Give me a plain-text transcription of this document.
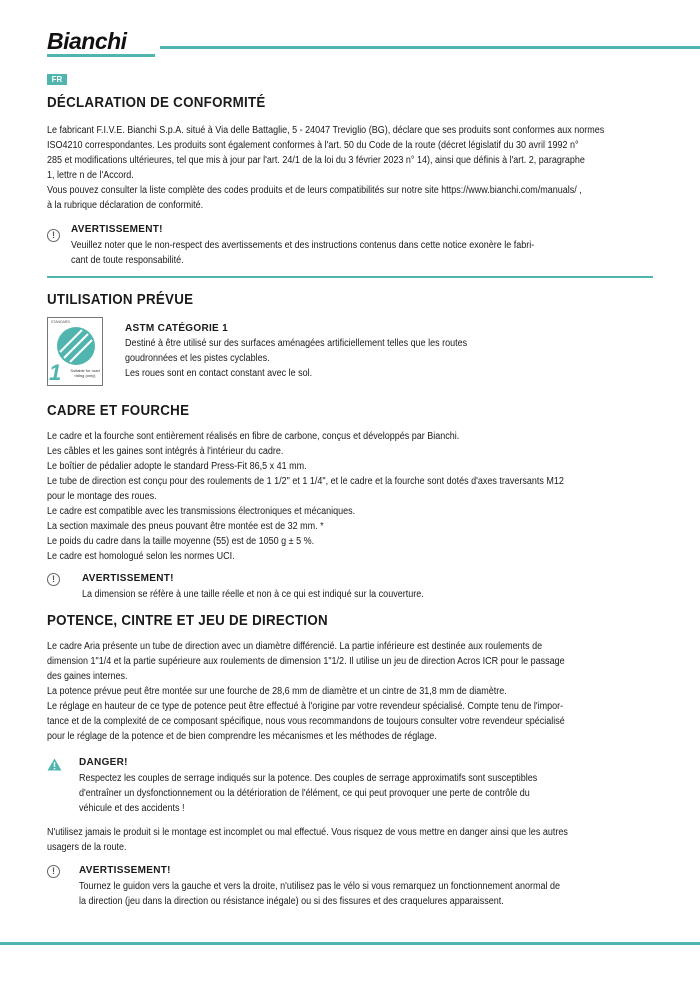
Bianchi
FR
DÉCLARATION DE CONFORMITÉ
Le fabricant F.I.V.E. Bianchi S.p.A. situé à Via delle Battaglie, 5 - 24047 Treviglio (BG), déclare que ses produits sont conformes aux normes
ISO4210 correspondantes. Les produits sont également conformes à l'art. 50 du Code de la route (décret législatif du 30 avril 1992 n°
285 et modifications ultérieures, tel que mis à jour par l'art. 24/1 de la loi du 3 février 2023 n° 14), ainsi que définis à l'art. 2, paragraphe
1, lettre n de l'Accord.
Vous pouvez consulter la liste complète des codes produits et de leurs compatibilités sur notre site https://www.bianchi.com/manuals/ ,
à la rubrique déclaration de conformité.
!	AVERTISSEMENT!
Veuillez noter que le non-respect des avertissements et des instructions contenus dans cette notice exonère le fabri-
cant de toute responsabilité.
UTILISATION PRÉVUE
STANDARD
1 Suitable for road riding (only)
ASTM CATÉGORIE 1
Destiné à être utilisé sur des surfaces aménagées artificiellement telles que les routes
goudronnées et les pistes cyclables.
Les roues sont en contact constant avec le sol.
CADRE ET FOURCHE
Le cadre et la fourche sont entièrement réalisés en fibre de carbone, conçus et développés par Bianchi.
Les câbles et les gaines sont intégrés à l'intérieur du cadre.
Le boîtier de pédalier adopte le standard Press-Fit 86,5 x 41 mm.
Le tube de direction est conçu pour des roulements de 1 1/2" et 1 1/4", et le cadre et la fourche sont dotés d'axes traversants M12
pour le montage des roues.
Le cadre est compatible avec les transmissions électroniques et mécaniques.
La section maximale des pneus pouvant être montée est de 32 mm. *
Le poids du cadre dans la taille moyenne (55) est de 1050 g ± 5 %.
Le cadre est homologué selon les normes UCI.
!	AVERTISSEMENT!
La dimension se réfère à une taille réelle et non à ce qui est indiqué sur la couverture.
POTENCE, CINTRE ET JEU DE DIRECTION
Le cadre Aria présente un tube de direction avec un diamètre différencié. La partie inférieure est destinée aux roulements de
dimension 1"1/4 et la partie supérieure aux roulements de dimension 1"1/2. Il utilise un jeu de direction Acros ICR pour le passage
des gaines internes.
La potence prévue peut être montée sur une fourche de 28,6 mm de diamètre et un cintre de 31,8 mm de diamètre.
Le réglage en hauteur de ce type de potence peut être effectué à l'origine par votre revendeur spécialisé. Compte tenu de l'impor-
tance et de la complexité de ce composant spécifique, nous vous recommandons de toujours consulter votre revendeur spécialisé
pour le réglage de la potence et de bien comprendre les mécanismes et les méthodes de réglage.
DANGER!
Respectez les couples de serrage indiqués sur la potence. Des couples de serrage approximatifs sont susceptibles
d'entraîner un dysfonctionnement ou la détérioration de l'élément, ce qui peut provoquer une perte de contrôle du
véhicule et des accidents !
N'utilisez jamais le produit si le montage est incomplet ou mal effectué. Vous risquez de vous mettre en danger ainsi que les autres
usagers de la route.
!	AVERTISSEMENT!
Tournez le guidon vers la gauche et vers la droite, n'utilisez pas le vélo si vous remarquez un fonctionnement anormal de
la direction (jeu dans la direction ou résistance inégale) ou si des fissures et des craquelures apparaissent.
